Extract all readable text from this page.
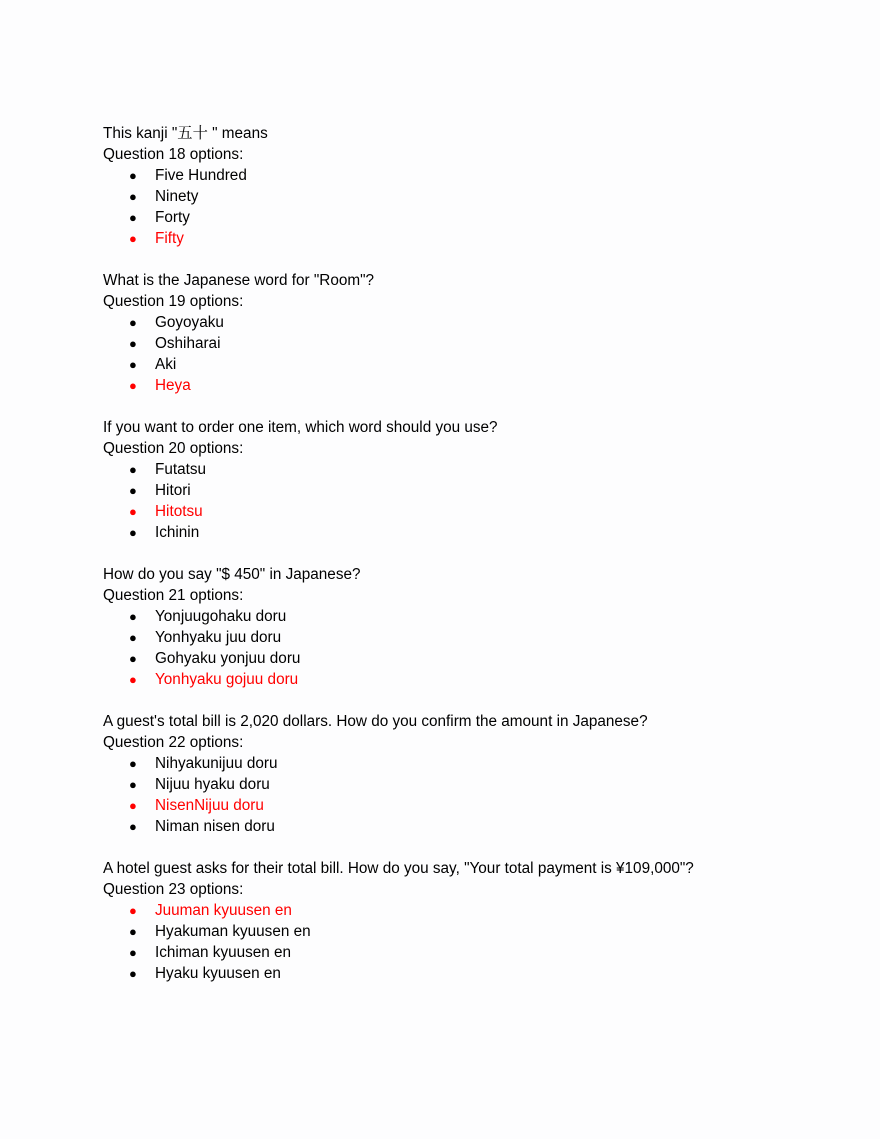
This kanji "五十 " means
Question 18 options:
● Five Hundred
● Ninety
● Forty
● Fifty
What is the Japanese word for "Room"?
Question 19 options:
● Goyoyaku
● Oshiharai
● Aki
● Heya
If you want to order one item, which word should you use?
Question 20 options:
● Futatsu
● Hitori
● Hitotsu
● Ichinin
How do you say "$ 450" in Japanese?
Question 21 options:
● Yonjuugohaku doru
● Yonhyaku juu doru
● Gohyaku yonjuu doru
● Yonhyaku gojuu doru
A guest's total bill is 2,020 dollars. How do you confirm the amount in Japanese?
Question 22 options:
● Nihyakunijuu doru
● Nijuu hyaku doru
● NisenNijuu doru
● Niman nisen doru
A hotel guest asks for their total bill. How do you say, "Your total payment is ¥109,000"?
Question 23 options:
● Juuman kyuusen en
● Hyakuman kyuusen en
● Ichiman kyuusen en
● Hyaku kyuusen en
